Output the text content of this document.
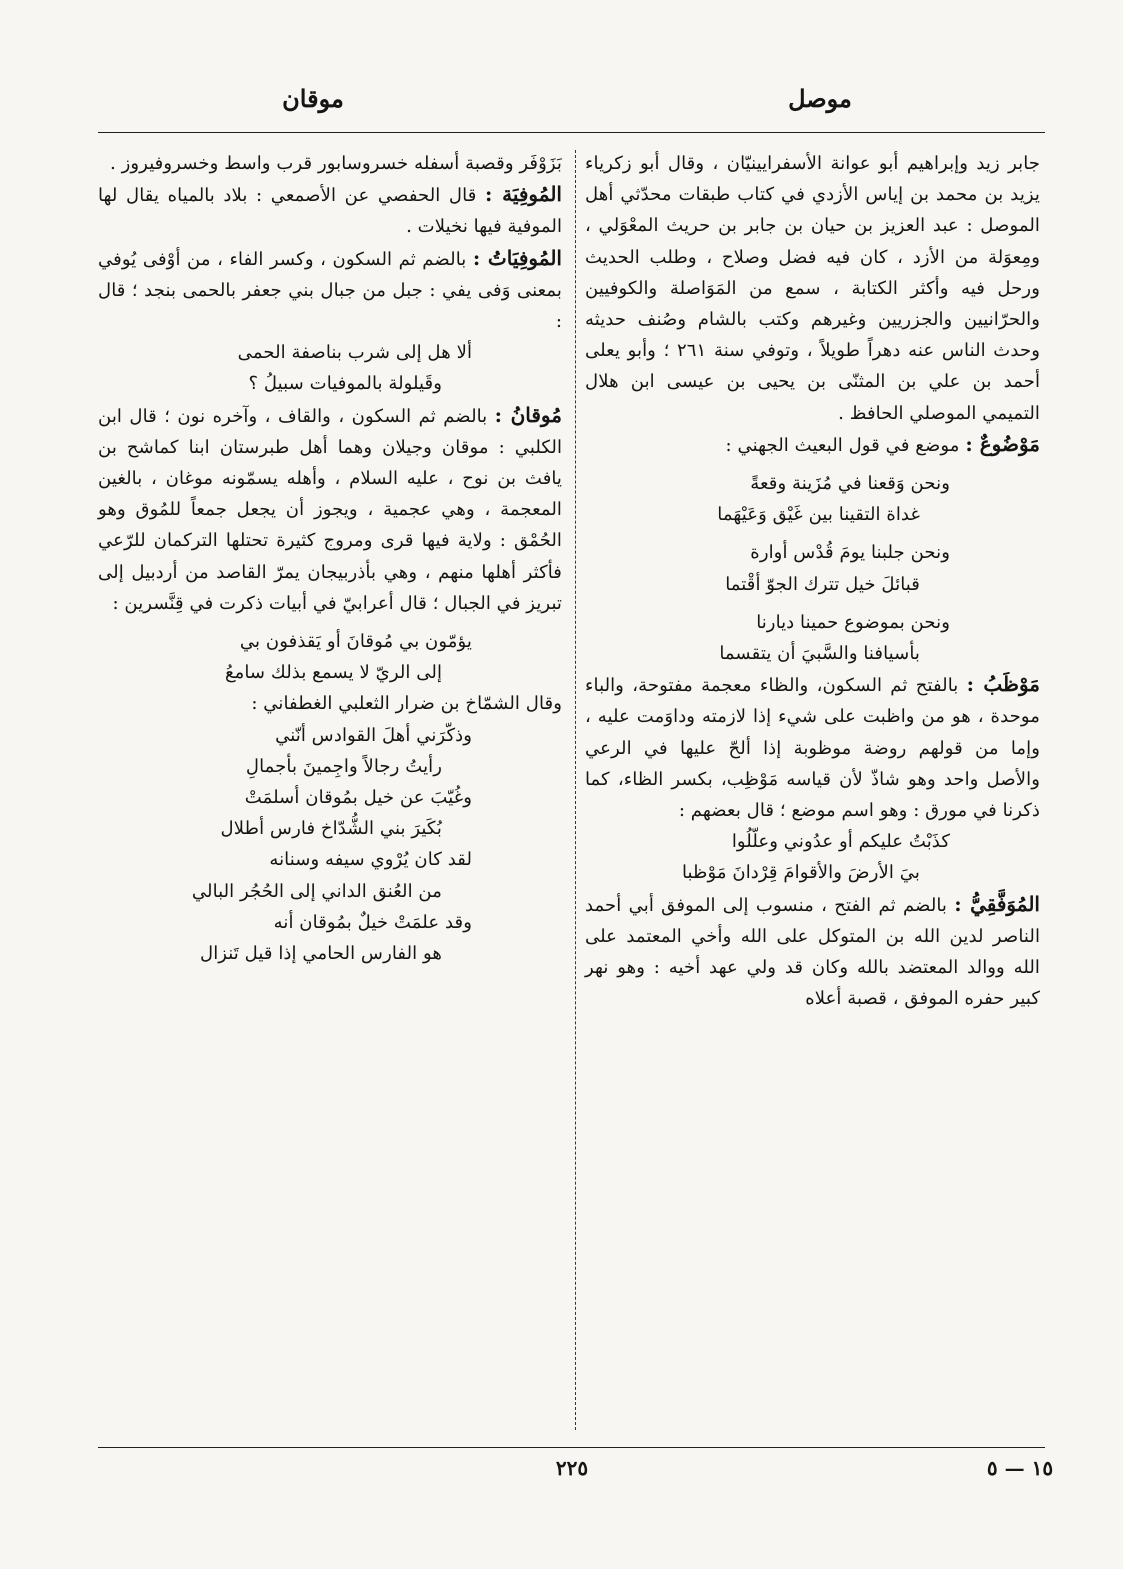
موصل
موقان

جابر زيد وإبراهيم أبو عوانة الأسفرايينيّان ، وقال أبو زكرياء يزيد بن محمد بن إياس الأزدي في كتاب طبقات محدّثي أهل الموصل : عبد العزيز بن حيان بن جابر بن حريث المعْوَلي ، ومِعوَلة من الأزد ، كان فيه فضل وصلاح ، وطلب الحديث ورحل فيه وأكثر الكتابة ، سمع من المَوَاصلة والكوفيين والحرّانيين والجزريين وغيرهم وكتب بالشام وصُنف حديثه وحدث الناس عنه دهراً طويلاً ، وتوفي سنة ٢٦١ ؛ وأبو يعلى أحمد بن علي بن المثنّى بن يحيى بن عيسى ابن هلال التميمي الموصلي الحافظ .

مَوْضُوعٌ : موضع في قول البعيث الجهني :

ونحن وَقعنا في مُزَينة وقعةً

غداة التقينا بين غَيْق وَعَيْهَما

ونحن جلبنا يومَ قُدْس أوارة

قبائلَ خيل تترك الجوّ أقْتما

ونحن بموضوع حمينا ديارنا

بأسيافنا والسَّبيَ أن يتقسما

مَوْظَبُ : بالفتح ثم السكون، والظاء معجمة مفتوحة، والباء موحدة ، هو من واظبت على شيء إذا لازمته وداوَمت عليه ، وإما من قولهم روضة موظوبة إذا ألحّ عليها في الرعي والأصل واحد وهو شاذّ لأن قياسه مَوْظِب، بكسر الظاء، كما ذكرنا في مورق : وهو اسم موضع ؛ قال بعضهم :

كذَبْتُ عليكم أو عدُوني وعلّلُوا

بيَ الأرضَ والأقوامَ قِرْدانَ مَوْظبا

المُوَفَّقِيُّ : بالضم ثم الفتح ، منسوب إلى الموفق أبي أحمد الناصر لدين الله بن المتوكل على الله وأخي المعتمد على الله ووالد المعتضد بالله وكان قد ولي عهد أخيه : وهو نهر كبير حفره الموفق ، قصبة أعلاه

بَزَوْفَر وقصبة أسفله خسروسابور قرب واسط وخسروفيروز .

المُوفِيَة : قال الحفصي عن الأصمعي : بلاد بالمياه يقال لها الموفية فيها نخيلات .

المُوفِيَاتُ : بالضم ثم السكون ، وكسر الفاء ، من أوْفى يُوفي بمعنى وَفى يفي : جبل من جبال بني جعفر بالحمى بنجد ؛ قال :

ألا هل إلى شرب بناصفة الحمى

وقَيلولة بالموفيات سبيلُ ؟

مُوقانُ : بالضم ثم السكون ، والقاف ، وآخره نون ؛ قال ابن الكلبي : موقان وجيلان وهما أهل طبرستان ابنا كماشح بن يافث بن نوح ، عليه السلام ، وأهله يسمّونه موغان ، بالغين المعجمة ، وهي عجمية ، ويجوز أن يجعل جمعاً للمُوق وهو الحُمْق : ولاية فيها قرى ومروج كثيرة تحتلها التركمان للرّعي فأكثر أهلها منهم ، وهي بأذربيجان يمرّ القاصد من أردبيل إلى تبريز في الجبال ؛ قال أعرابيّ في أبيات ذكرت في قِنَّسرين :

يؤمّون بي مُوقانَ أو يَقذفون بي

إلى الريّ لا يسمع بذلك سامعُ

وقال الشمّاخ بن ضرار الثعلبي الغطفاني :

وذكّرَني أهلَ القوادس أنّني

رأيتُ رجالاً واجِمينَ بأجمالِ

وغُيّبَ عن خيل بمُوقان أسلمَتْ

بُكَيرَ بني الشُّدّاخ فارس أطلال

لقد كان يُرْوي سيفه وسنانه

من العُنق الداني إلى الحُجُر البالي

وقد علمَتْ خيلٌ بمُوقان أنه

هو الفارس الحامي إذا قيل تَنزال

٢٢٥	١٥ — ٥
